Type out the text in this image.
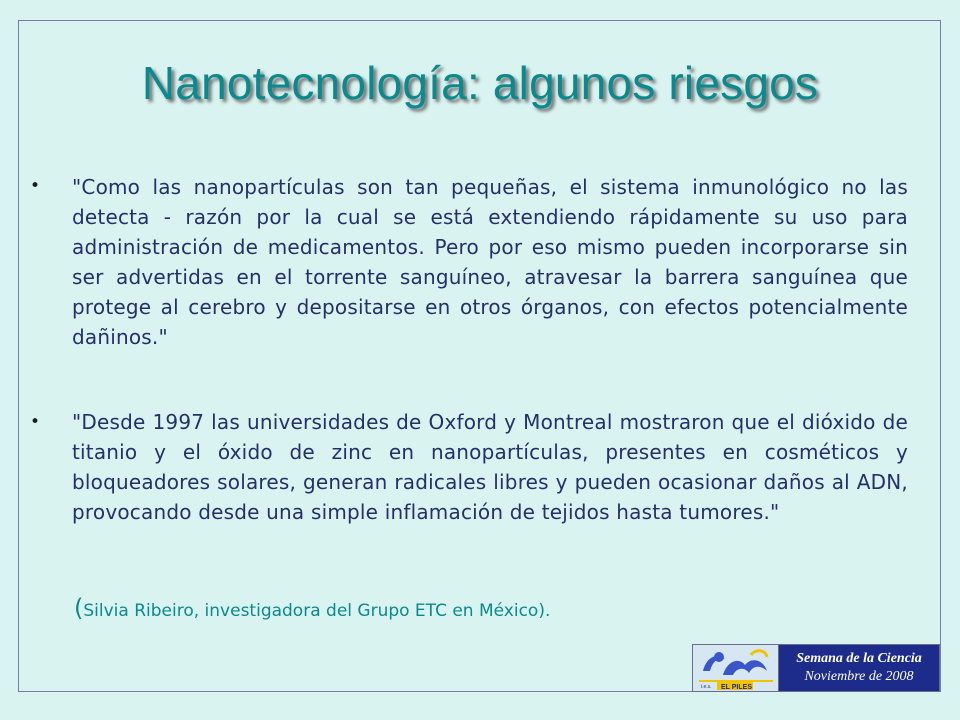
Nanotecnología: algunos riesgos
• "Como las nanopartículas son tan pequeñas, el sistema inmunológico no las detecta - razón por la cual se está extendiendo rápidamente su uso para administración de medicamentos. Pero por eso mismo pueden incorporarse sin ser advertidas en el torrente sanguíneo, atravesar la barrera sanguínea que protege al cerebro y depositarse en otros órganos, con efectos potencialmente dañinos."
• "Desde 1997 las universidades de Oxford y Montreal mostraron que el dióxido de titanio y el óxido de zinc en nanopartículas, presentes en cosméticos y bloqueadores solares, generan radicales libres y pueden ocasionar daños al ADN, provocando desde una simple inflamación de tejidos hasta tumores."
(Silvia Ribeiro, investigadora del Grupo ETC en México).
i.e.s. EL PILES
Semana de la Ciencia
Noviembre de 2008
